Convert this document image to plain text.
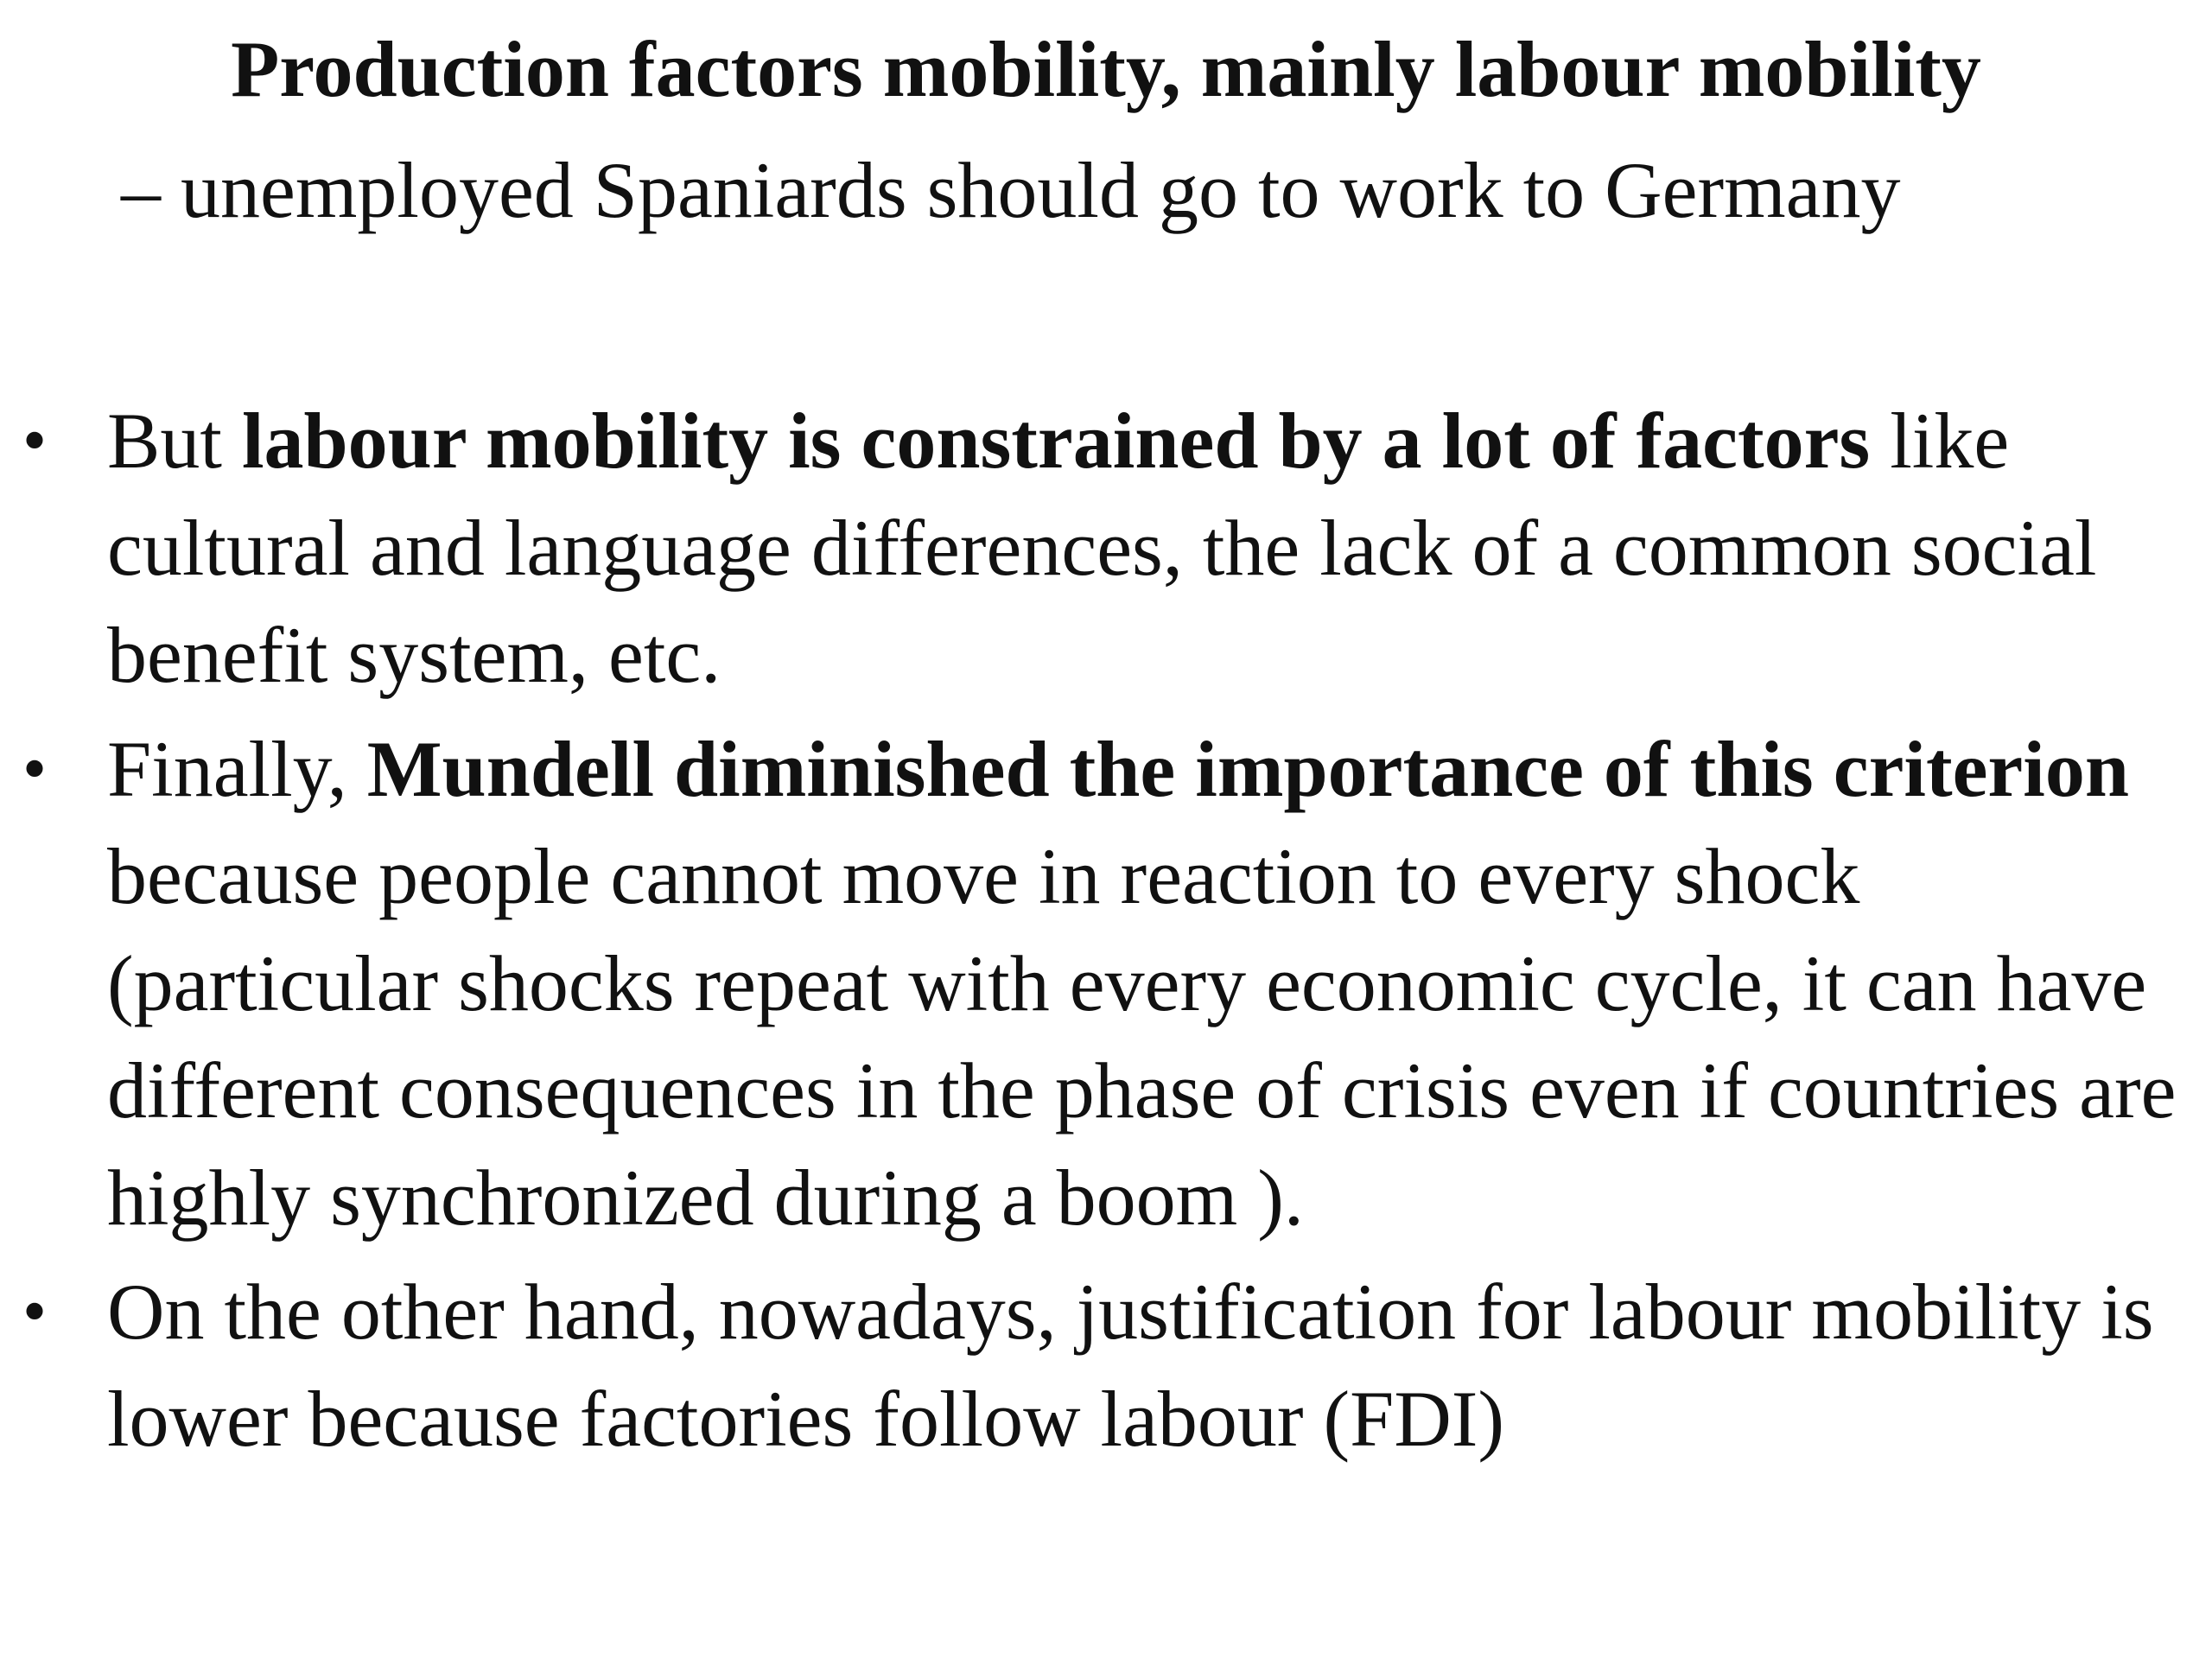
Production factors mobility, mainly labour mobility
– unemployed Spaniards should go to work to Germany
• But labour mobility is constrained by a lot of factors like cultural and language differences, the lack of a common social benefit system, etc.
• Finally, Mundell diminished the importance of this criterion because people cannot move in reaction to every shock (particular shocks repeat with every economic cycle, it can have different consequences in the phase of crisis even if countries are highly synchronized during a boom ).
• On the other hand, nowadays, justification for labour mobility is lower because factories follow labour (FDI)
